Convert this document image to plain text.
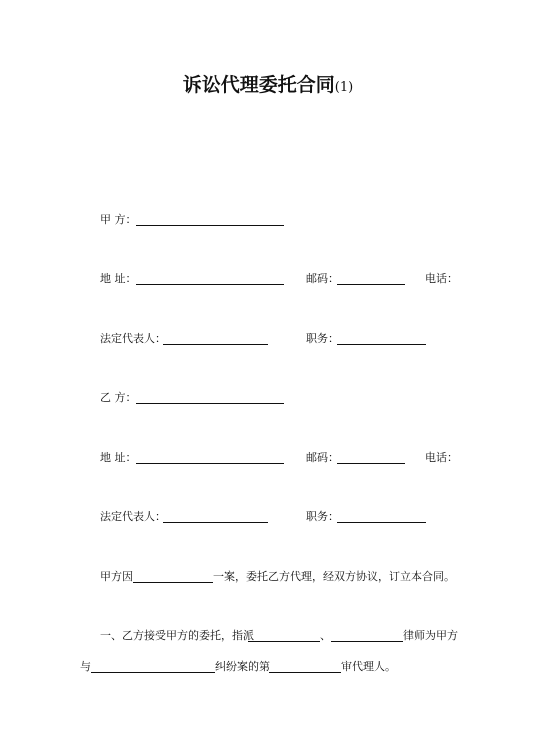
诉讼代理委托合同(1)
甲 方：
地 址：	邮码：	电话：
法定代表人：	职务：
乙 方：
地 址：	邮码：	电话：
法定代表人：	职务：
甲方因	一案，委托乙方代理，经双方协议，订立本合同。
一、乙方接受甲方的委托，指派	、	律师为甲方
与	纠纷案的第	审代理人。
